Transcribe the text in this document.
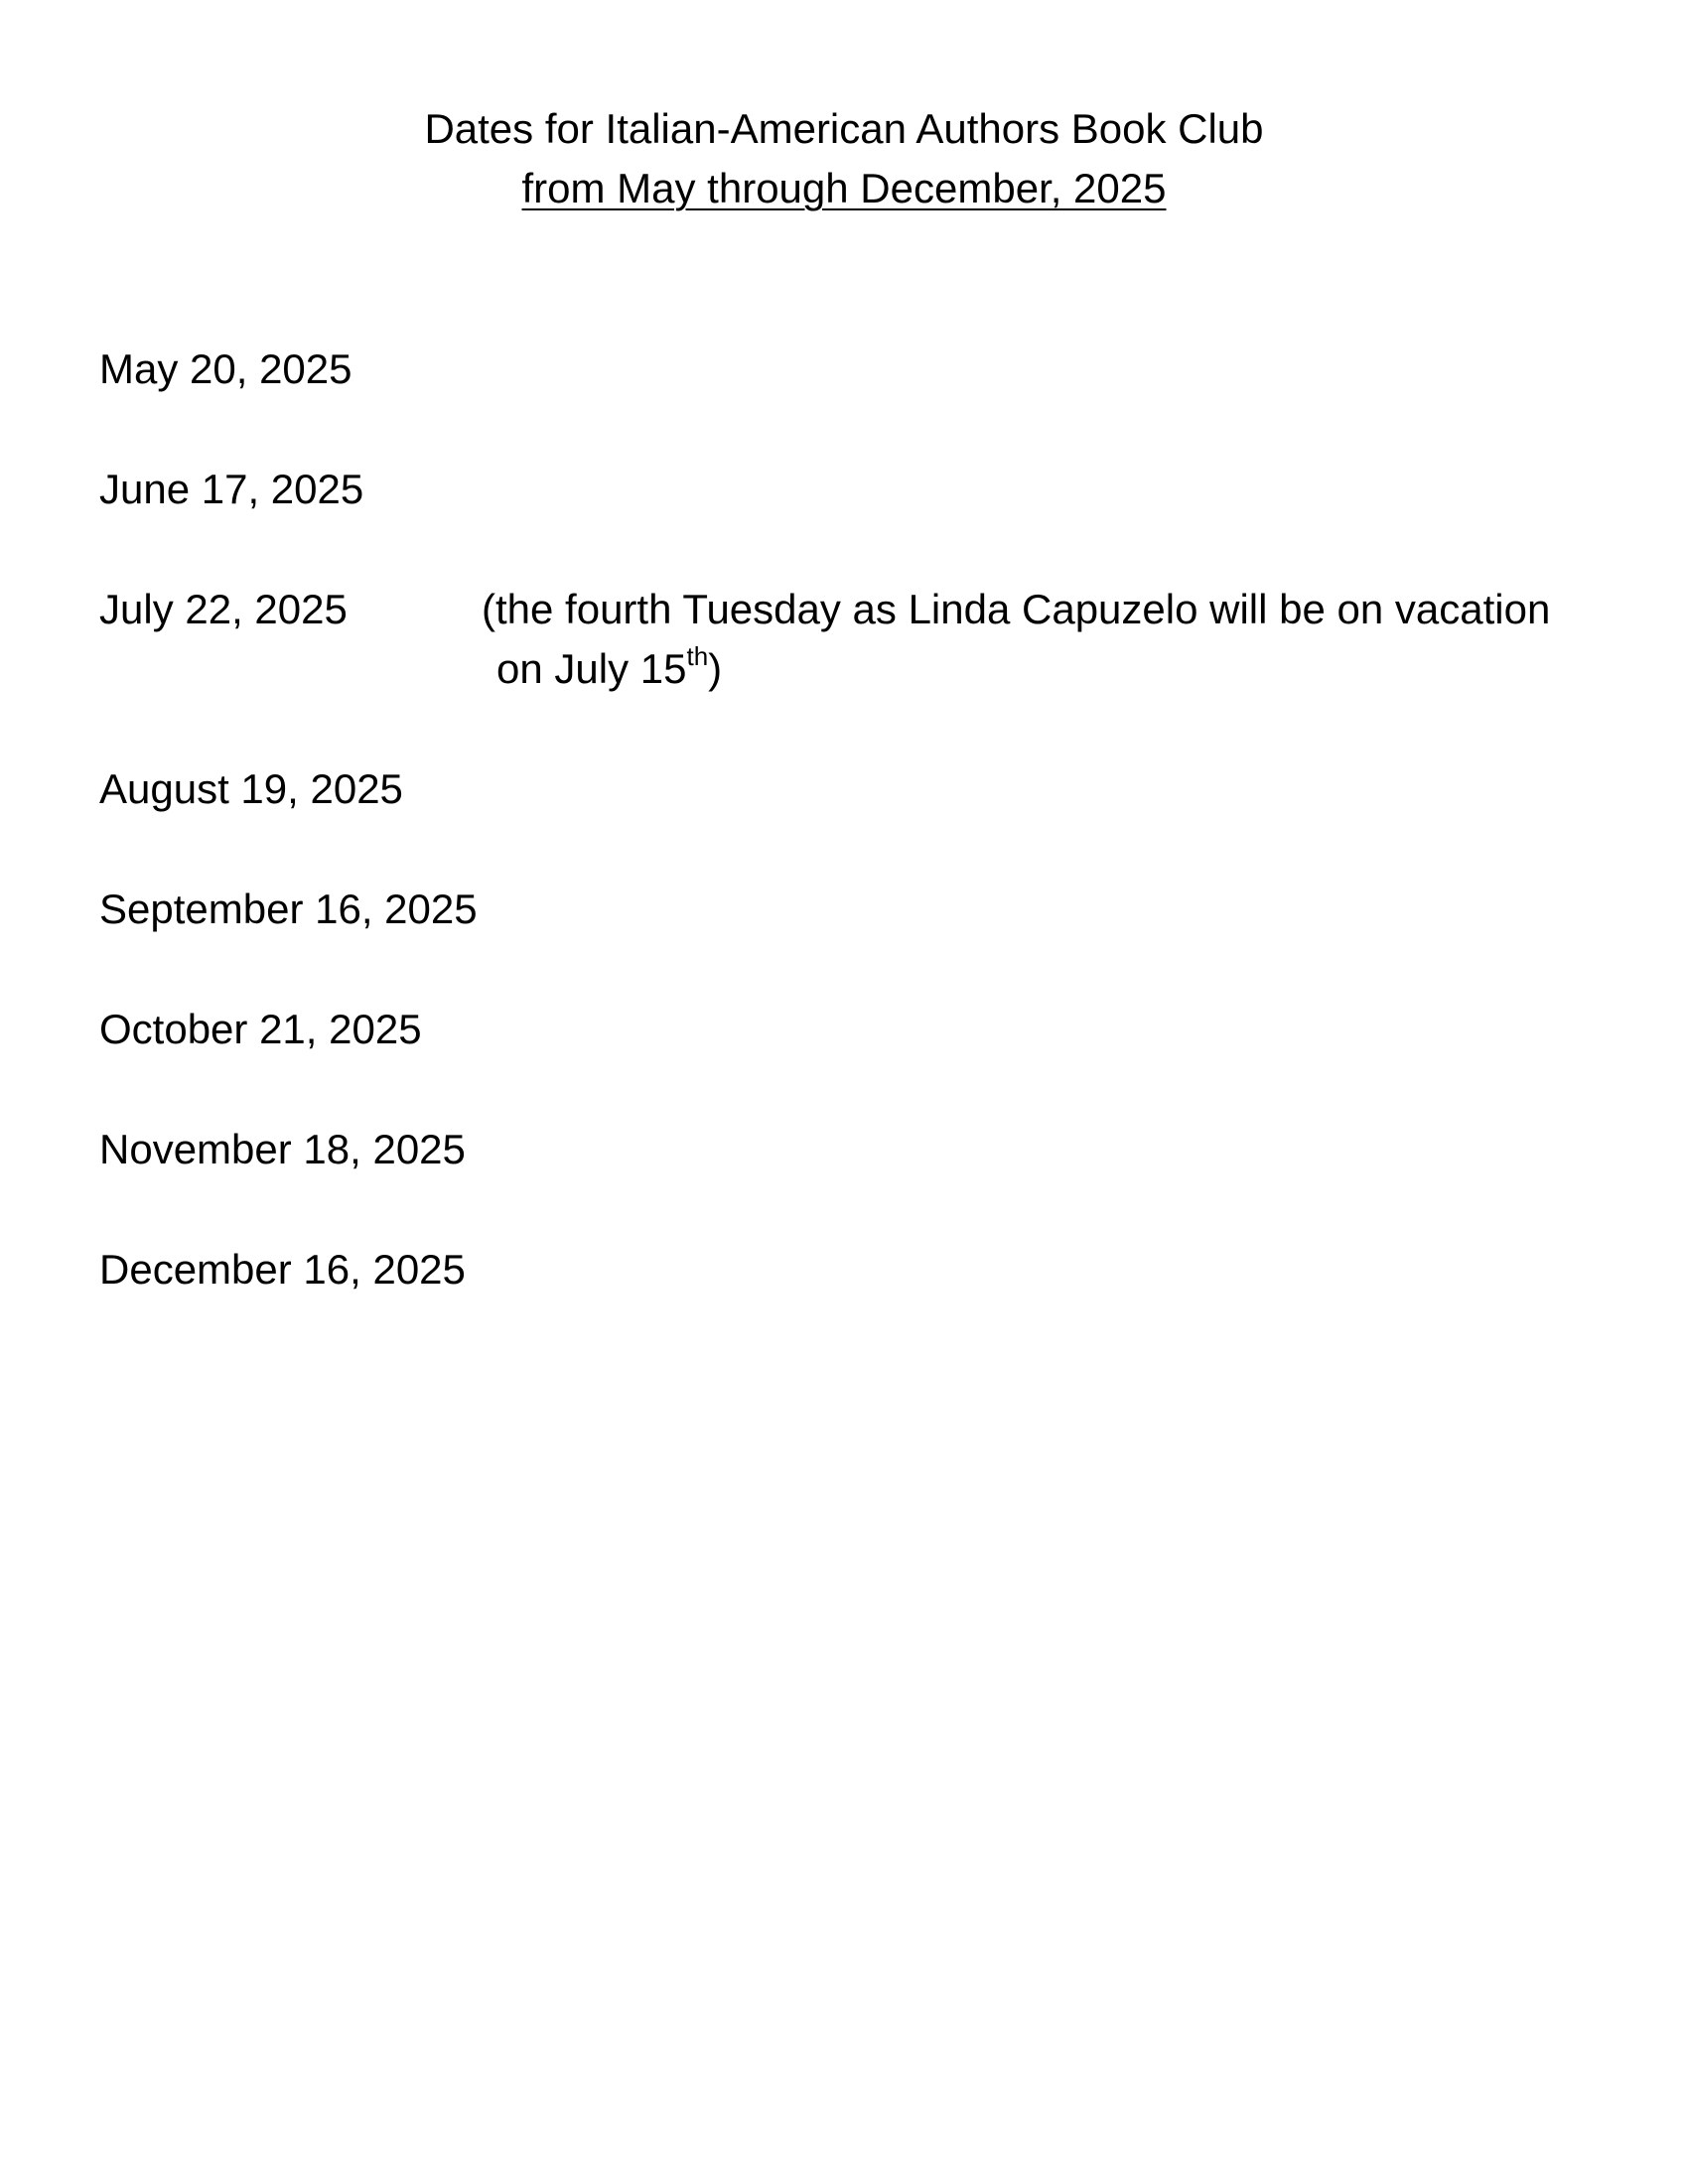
Dates for Italian-American Authors Book Club
from May through December, 2025
May 20, 2025
June 17, 2025
July 22, 2025	(the fourth Tuesday as Linda Capuzelo will be on vacation
on July 15th)
August 19, 2025
September 16, 2025
October 21, 2025
November 18, 2025
December 16, 2025
